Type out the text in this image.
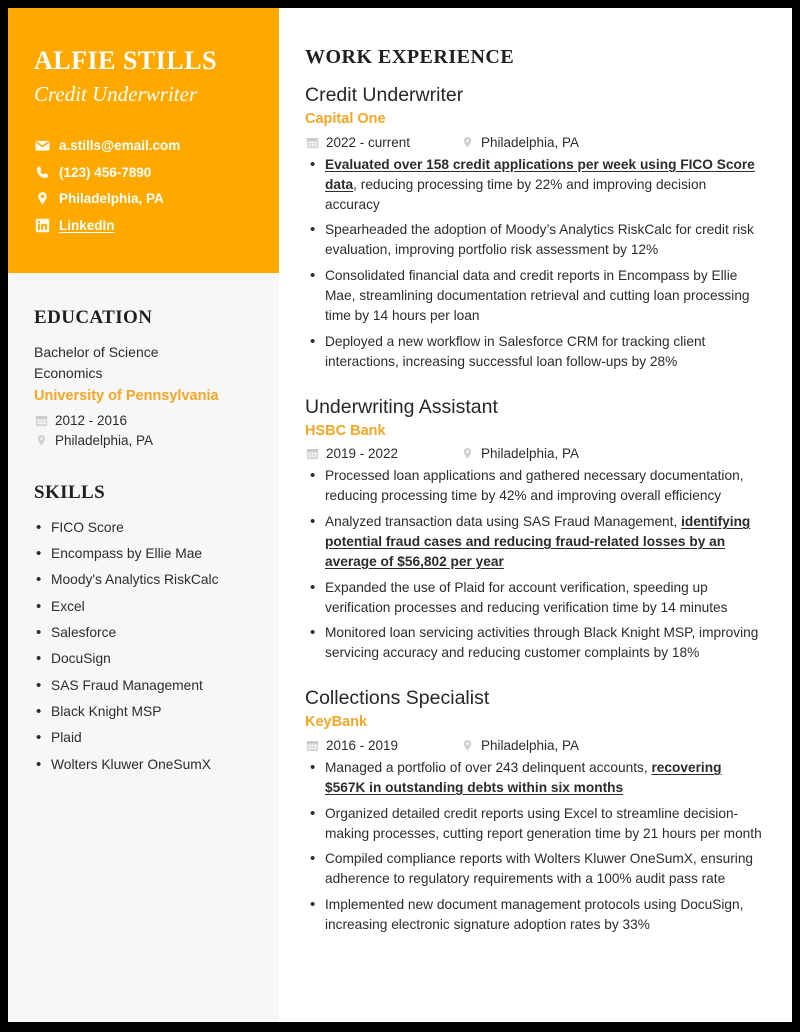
ALFIE STILLS
Credit Underwriter
a.stills@email.com
(123) 456-7890
Philadelphia, PA
LinkedIn
EDUCATION
Bachelor of Science
Economics
University of Pennsylvania
2012 - 2016
Philadelphia, PA
SKILLS
• FICO Score
• Encompass by Ellie Mae
• Moody's Analytics RiskCalc
• Excel
• Salesforce
• DocuSign
• SAS Fraud Management
• Black Knight MSP
• Plaid
• Wolters Kluwer OneSumX
WORK EXPERIENCE
Credit Underwriter
Capital One
2022 - current	Philadelphia, PA
• Evaluated over 158 credit applications per week using FICO Score data, reducing processing time by 22% and improving decision accuracy
• Spearheaded the adoption of Moody’s Analytics RiskCalc for credit risk evaluation, improving portfolio risk assessment by 12%
• Consolidated financial data and credit reports in Encompass by Ellie Mae, streamlining documentation retrieval and cutting loan processing time by 14 hours per loan
• Deployed a new workflow in Salesforce CRM for tracking client interactions, increasing successful loan follow-ups by 28%
Underwriting Assistant
HSBC Bank
2019 - 2022	Philadelphia, PA
• Processed loan applications and gathered necessary documentation, reducing processing time by 42% and improving overall efficiency
• Analyzed transaction data using SAS Fraud Management, identifying potential fraud cases and reducing fraud-related losses by an average of $56,802 per year
• Expanded the use of Plaid for account verification, speeding up verification processes and reducing verification time by 14 minutes
• Monitored loan servicing activities through Black Knight MSP, improving servicing accuracy and reducing customer complaints by 18%
Collections Specialist
KeyBank
2016 - 2019	Philadelphia, PA
• Managed a portfolio of over 243 delinquent accounts, recovering $567K in outstanding debts within six months
• Organized detailed credit reports using Excel to streamline decision-making processes, cutting report generation time by 21 hours per month
• Compiled compliance reports with Wolters Kluwer OneSumX, ensuring adherence to regulatory requirements with a 100% audit pass rate
• Implemented new document management protocols using DocuSign, increasing electronic signature adoption rates by 33%
